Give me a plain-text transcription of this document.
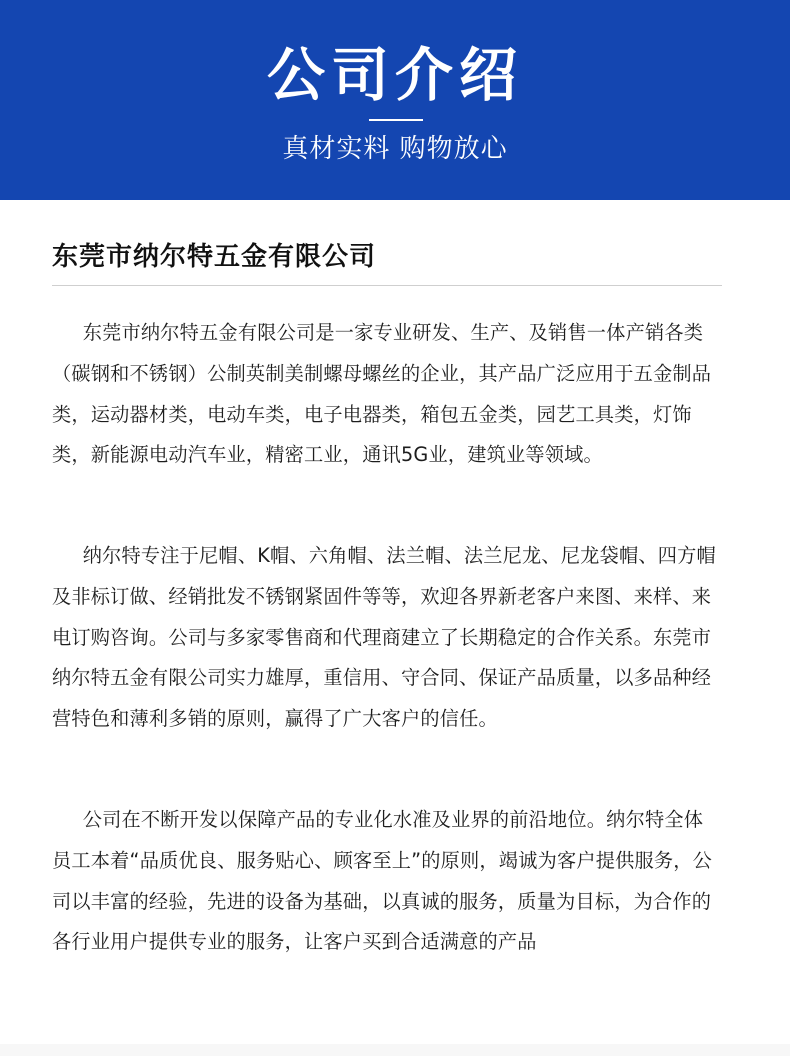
公司介绍
真材实料 购物放心
东莞市纳尔特五金有限公司

东莞市纳尔特五金有限公司是一家专业研发、生产、及销售一体产销各类（碳钢和不锈钢）公制英制美制螺母螺丝的企业，其产品广泛应用于五金制品类，运动器材类，电动车类，电子电器类，箱包五金类，园艺工具类，灯饰类，新能源电动汽车业，精密工业，通讯5G业，建筑业等领域。

纳尔特专注于尼帽、K帽、六角帽、法兰帽、法兰尼龙、尼龙袋帽、四方帽及非标订做、经销批发不锈钢紧固件等等，欢迎各界新老客户来图、来样、来电订购咨询。公司与多家零售商和代理商建立了长期稳定的合作关系。东莞市纳尔特五金有限公司实力雄厚，重信用、守合同、保证产品质量，以多品种经营特色和薄利多销的原则，赢得了广大客户的信任。

公司在不断开发以保障产品的专业化水准及业界的前沿地位。纳尔特全体员工本着“品质优良、服务贴心、顾客至上”的原则，竭诚为客户提供服务，公司以丰富的经验，先进的设备为基础，以真诚的服务，质量为目标，为合作的各行业用户提供专业的服务，让客户买到合适满意的产品
